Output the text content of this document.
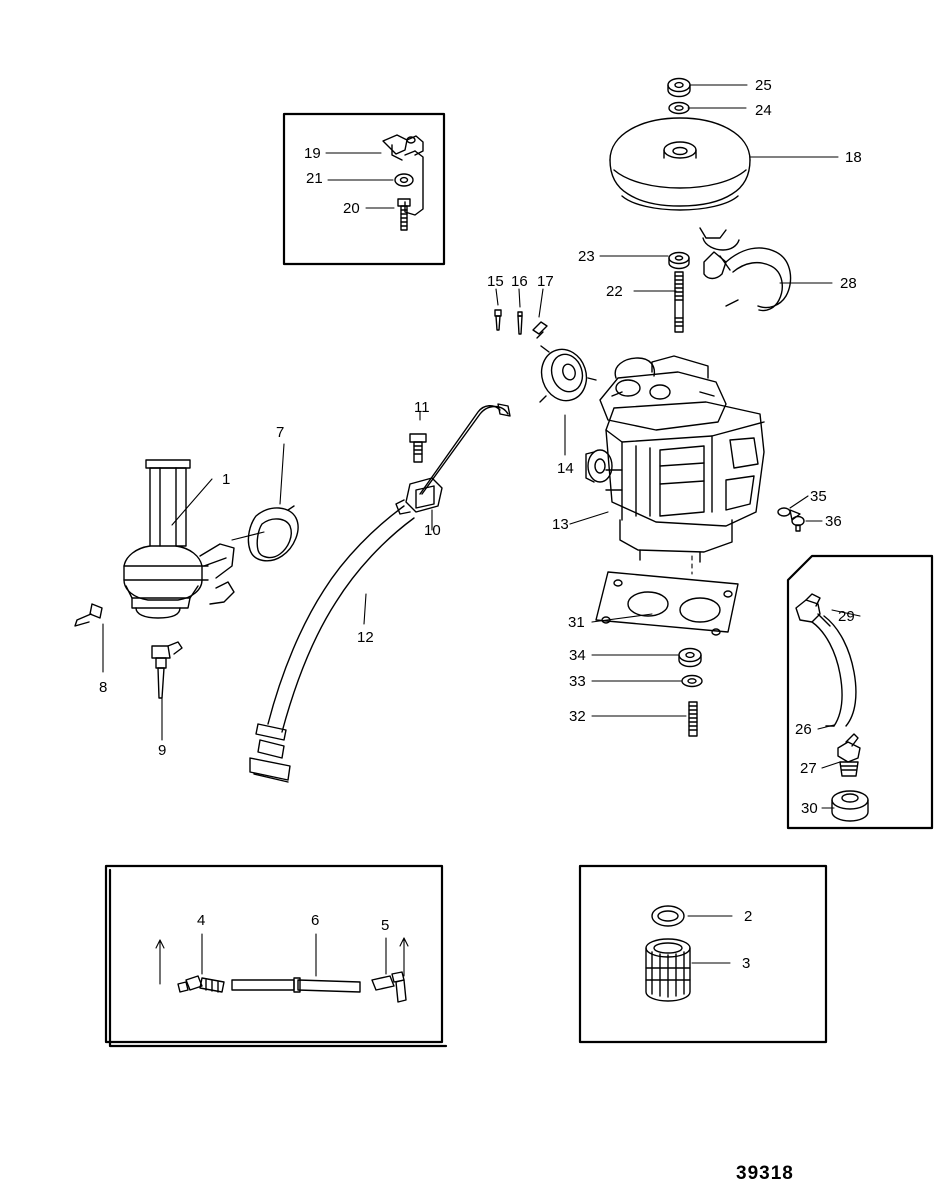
1
2
3
4	5
6
7
8
9
10
11
12
13
14
15 16 17
18
19
20
21
22
23
24
25
26
27
28
29
30
31
32
33
34
35
36
39318
